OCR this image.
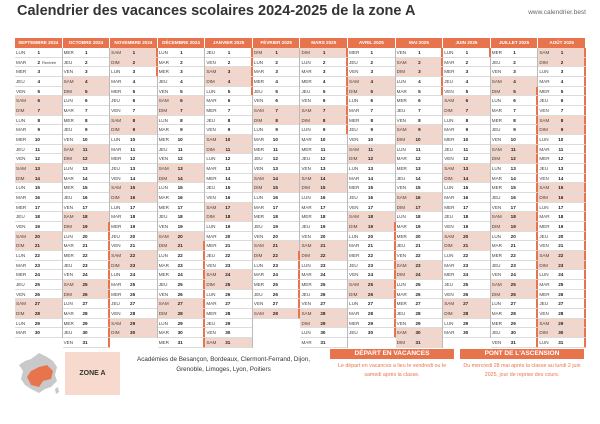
Calendrier des vacances scolaires 2024-2025 de la zone A	www.calendrier.best
SEPTEMBRE 2024
LUN	1
MAR	2 Rentrée
MER	3
JEU	4
VEN	5
SAM	6
DIM	7
LUN	8
MAR	9
MER	10
JEU	11
VEN	12
SAM	13
DIM	14
LUN	15
MAR	16
MER	17
JEU	18
VEN	19
SAM	20
DIM	21
LUN	22
MAR	23
MER	24
JEU	25
VEN	26
SAM	27
DIM	28
LUN	29
MAR	30
OCTOBRE 2024
MER	1
JEU	2
VEN	3
SAM	4
DIM	5
LUN	6
MAR	7
MER	8
JEU	9
VEN	10
SAM	11
DIM	12
LUN	13
MAR	14
MER	15
JEU	16
VEN	17
SAM	18
DIM	19
LUN	20
MAR	21
MER	22
JEU	23
VEN	24
SAM	25
DIM	26
LUN	27
MAR	28
MER	29
JEU	30
VEN	31
NOVEMBRE 2024
SAM	1
DIM	2
LUN	3
MAR	4
MER	5
JEU	6
VEN	7
SAM	8
DIM	9
LUN	10
MAR	11
MER	12
JEU	13
VEN	14
SAM	15
DIM	16
LUN	17
MAR	18
MER	19
JEU	20
VEN	21
SAM	22
DIM	23
LUN	24
MAR	25
MER	26
JEU	27
VEN	28
SAM	29
DIM	30
DÉCEMBRE 2024
LUN	1
MAR	2
MER	3
JEU	4
VEN	5
SAM	6
DIM	7
LUN	8
MAR	9
MER	10
JEU	11
VEN	12
SAM	13
DIM	14
LUN	15
MAR	16
MER	17
JEU	18
VEN	19
SAM	20
DIM	21
LUN	22
MAR	23
MER	24
JEU	25
VEN	26
SAM	27
DIM	28
LUN	29
MAR	30
MER	31
JANVIER 2025
JEU	1
VEN	2
SAM	3
DIM	4
LUN	5
MAR	6
MER	7
JEU	8
VEN	9
SAM	10
DIM	11
LUN	12
MAR	13
MER	14
JEU	15
VEN	16
SAM	17
DIM	18
LUN	19
MAR	20
MER	21
JEU	22
VEN	23
SAM	24
DIM	25
LUN	26
MAR	27
MER	28
JEU	29
VEN	30
SAM	31
FÉVRIER 2025
DIM	1
LUN	2
MAR	3
MER	4
JEU	5
VEN	6
SAM	7
DIM	8
LUN	9
MAR	10
MER	11
JEU	12
VEN	13
SAM	14
DIM	15
LUN	16
MAR	17
MER	18
JEU	19
VEN	20
SAM	21
DIM	22
LUN	23
MAR	24
MER	25
JEU	26
VEN	27
SAM	28
MARS 2025
DIM	1
LUN	2
MAR	3
MER	4
JEU	5
VEN	6
SAM	7
DIM	8
LUN	9
MAR	10
MER	11
JEU	12
VEN	13
SAM	14
DIM	15
LUN	16
MAR	17
MER	18
JEU	19
VEN	20
SAM	21
DIM	22
LUN	23
MAR	24
MER	25
JEU	26
VEN	27
SAM	28
DIM	29
LUN	30
MAR	31
AVRIL 2025
MER	1
JEU	2
VEN	3
SAM	4
DIM	5
LUN	6
MAR	7
MER	8
JEU	9
VEN	10
SAM	11
DIM	12
LUN	13
MAR	14
MER	15
JEU	16
VEN	17
SAM	18
DIM	19
LUN	20
MAR	21
MER	22
JEU	23
VEN	24
SAM	25
DIM	26
LUN	27
MAR	28
MER	29
JEU	30
MAI 2025
VEN	1
SAM	2
DIM	3
LUN	4
MAR	5
MER	6
JEU	7
VEN	8
SAM	9
DIM	10
LUN	11
MAR	12
MER	13
JEU	14
VEN	15
SAM	16
DIM	17
LUN	18
MAR	19
MER	20
JEU	21
VEN	22
SAM	23
DIM	24
LUN	25
MAR	26
MER	27
JEU	28
VEN	29
SAM	30
DIM	31
JUIN 2025
LUN	1
MAR	2
MER	3
JEU	4
VEN	5
SAM	6
DIM	7
LUN	8
MAR	9
MER	10
JEU	11
VEN	12
SAM	13
DIM	14
LUN	15
MAR	16
MER	17
JEU	18
VEN	19
SAM	20
DIM	21
LUN	22
MAR	23
MER	24
JEU	25
VEN	26
SAM	27
DIM	28
LUN	29
MAR	30
JUILLET 2025
MER	1
JEU	2
VEN	3
SAM	4
DIM	5
LUN	6
MAR	7
MER	8
JEU	9
VEN	10
SAM	11
DIM	12
LUN	13
MAR	14
MER	15
JEU	16
VEN	17
SAM	18
DIM	19
LUN	20
MAR	21
MER	22
JEU	23
VEN	24
SAM	25
DIM	26
LUN	27
MAR	28
MER	29
JEU	30
VEN	31
AOÛT 2025
SAM	1
DIM	2
LUN	3
MAR	4
MER	5
JEU	6
VEN	7
SAM	8
DIM	9
LUN	10
MAR	11
MER	12
JEU	13
VEN	14
SAM	15
DIM	16
LUN	17
MAR	18
MER	19
JEU	20
VEN	21
SAM	22
DIM	23
LUN	24
MAR	25
MER	26
JEU	27
VEN	28
SAM	29
DIM	30
LUN	31
ZONE A
Académies de Besançon, Bordeaux, Clermont-Ferrand, Dijon, Grenoble, Limoges, Lyon, Poitiers
DÉPART EN VACANCES
Le départ en vacances a lieu le vendredi ou le samedi après la classe.
PONT DE L'ASCENSION
Du mercredi 28 mai après la classe au lundi 2 juin 2025, jour de reprise des cours.
